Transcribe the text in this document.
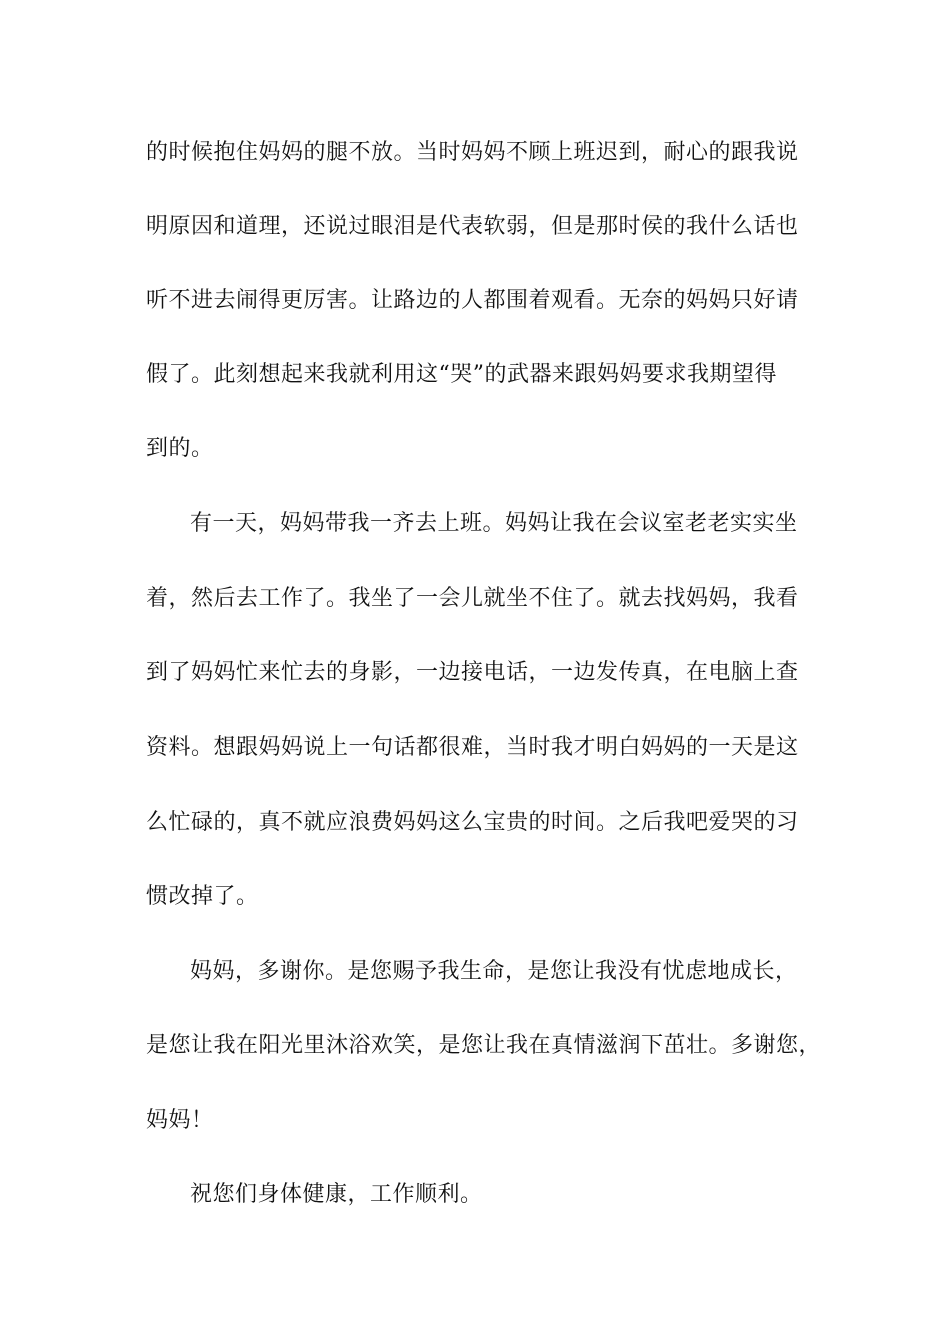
的时候抱住妈妈的腿不放。当时妈妈不顾上班迟到，耐心的跟我说
明原因和道理，还说过眼泪是代表软弱，但是那时侯的我什么话也
听不进去闹得更厉害。让路边的人都围着观看。无奈的妈妈只好请
假了。此刻想起来我就利用这“哭”的武器来跟妈妈要求我期望得
到的。
有一天，妈妈带我一齐去上班。妈妈让我在会议室老老实实坐
着，然后去工作了。我坐了一会儿就坐不住了。就去找妈妈，我看
到了妈妈忙来忙去的身影，一边接电话，一边发传真，在电脑上查
资料。想跟妈妈说上一句话都很难，当时我才明白妈妈的一天是这
么忙碌的，真不就应浪费妈妈这么宝贵的时间。之后我吧爱哭的习
惯改掉了。
妈妈，多谢你。是您赐予我生命，是您让我没有忧虑地成长，
是您让我在阳光里沐浴欢笑，是您让我在真情滋润下茁壮。多谢您，
妈妈！
祝您们身体健康，工作顺利。
